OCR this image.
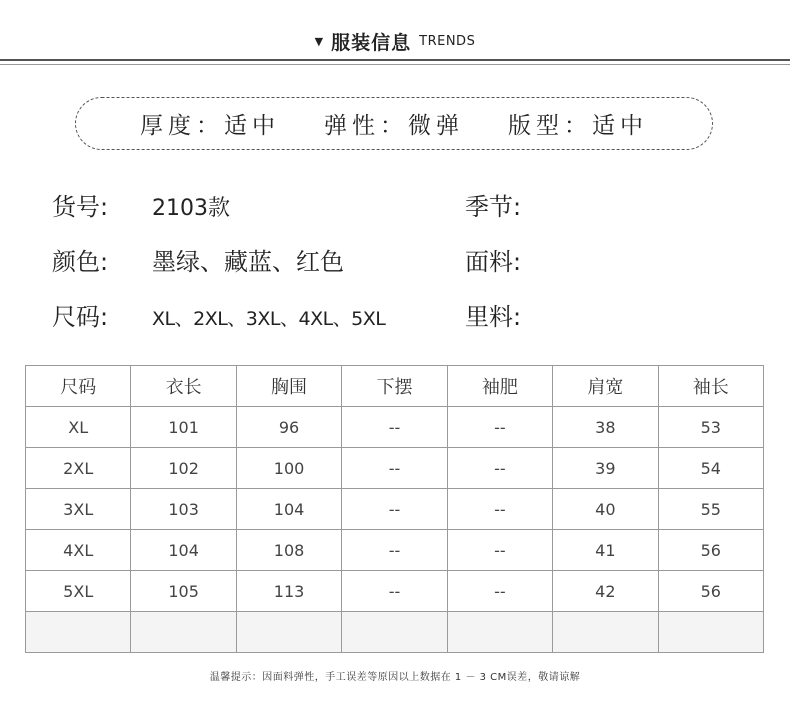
▼ 服装信息 TRENDS
厚度：适中 弹性：微弹 版型：适中
货号: 2103款
颜色: 墨绿、藏蓝、红色
尺码: XL、2XL、3XL、4XL、5XL
季节:
面料:
里料:
尺码	衣长	胸围	下摆	袖肥	肩宽	袖长
XL	101	96	--	--	38	53
2XL	102	100	--	--	39	54
3XL	103	104	--	--	40	55
4XL	104	108	--	--	41	56
5XL	105	113	--	--	42	56

温馨提示：因面料弹性，手工误差等原因以上数据在 1 － 3 CM误差，敬请谅解
